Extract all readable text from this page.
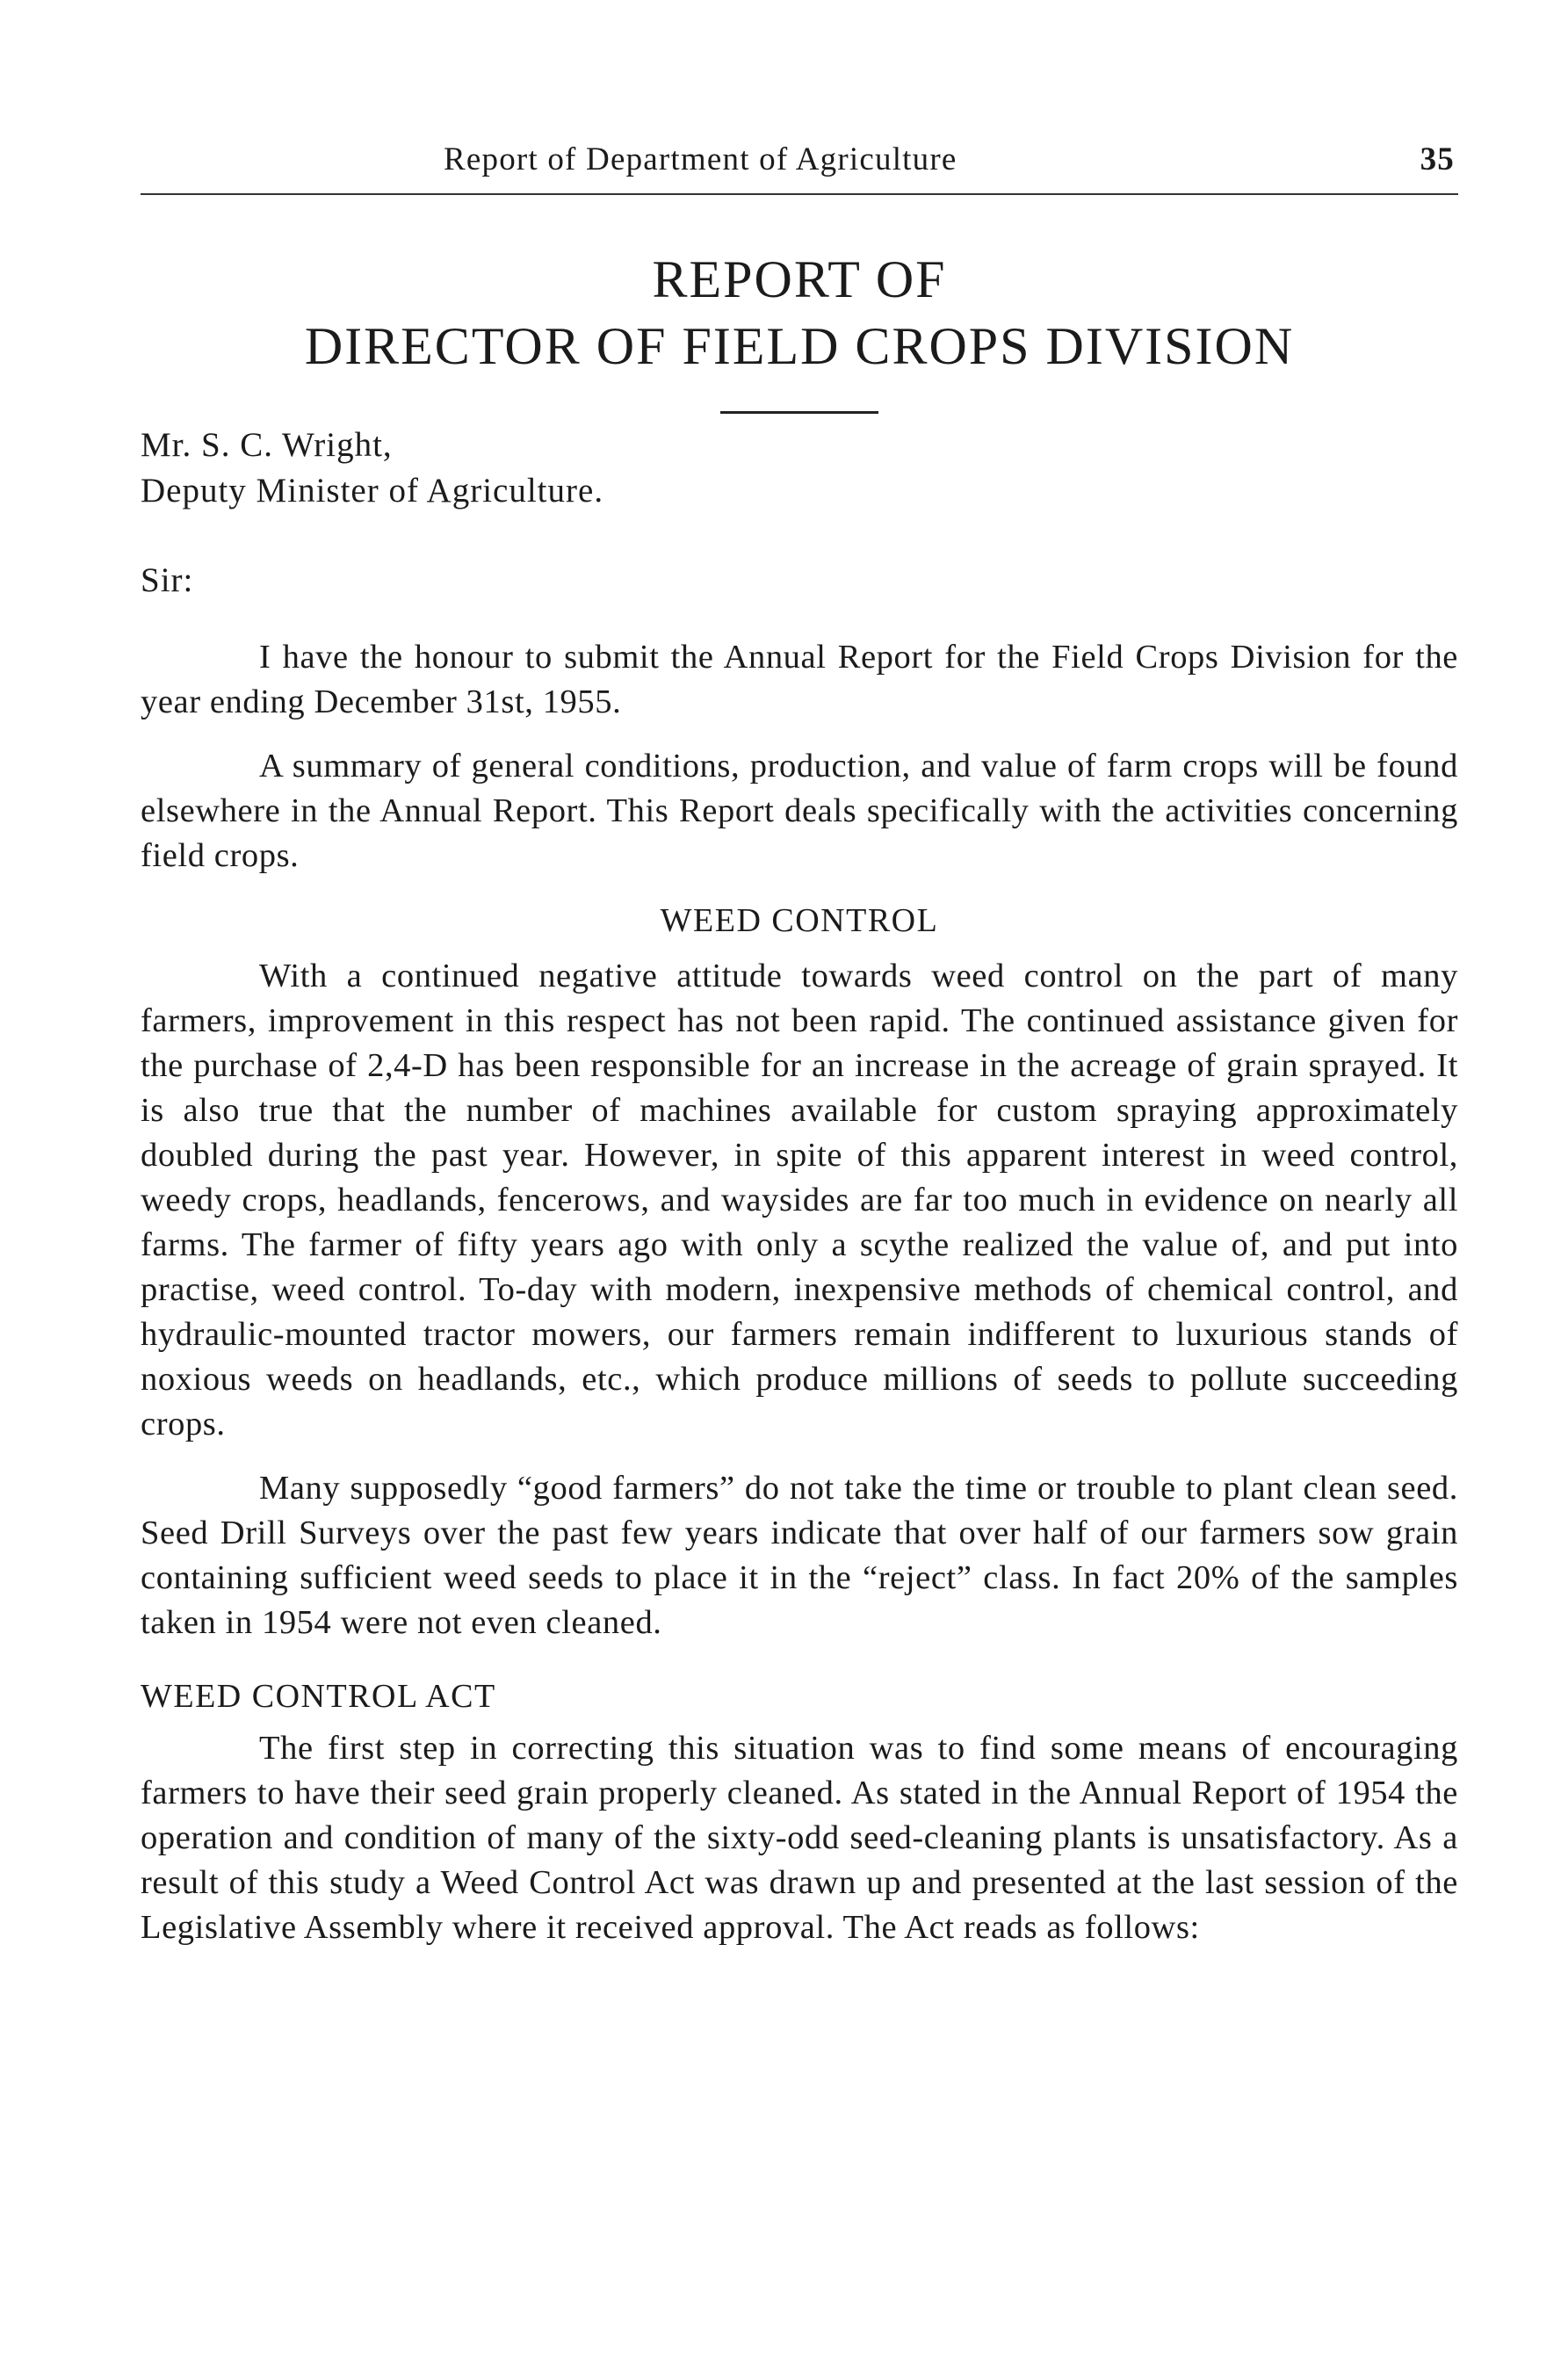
Report of Department of Agriculture	35
REPORT OF
DIRECTOR OF FIELD CROPS DIVISION
Mr. S. C. Wright,
Deputy Minister of Agriculture.
Sir:

I have the honour to submit the Annual Report for the Field Crops Division for the year ending December 31st, 1955.

A summary of general conditions, production, and value of farm crops will be found elsewhere in the Annual Report. This Report deals specifically with the activities concerning field crops.

WEED CONTROL

With a continued negative attitude towards weed control on the part of many farmers, improvement in this respect has not been rapid. The continued assistance given for the purchase of 2,4-D has been responsible for an increase in the acreage of grain sprayed. It is also true that the number of machines available for custom spraying approximately doubled during the past year. However, in spite of this apparent interest in weed control, weedy crops, headlands, fencerows, and waysides are far too much in evidence on nearly all farms. The farmer of fifty years ago with only a scythe realized the value of, and put into practise, weed control. To-day with modern, inexpensive methods of chemical control, and hydraulic-mounted tractor mowers, our farmers remain indifferent to luxurious stands of noxious weeds on headlands, etc., which produce millions of seeds to pollute succeeding crops.

Many supposedly “good farmers” do not take the time or trouble to plant clean seed. Seed Drill Surveys over the past few years indicate that over half of our farmers sow grain containing sufficient weed seeds to place it in the “reject” class. In fact 20% of the samples taken in 1954 were not even cleaned.

WEED CONTROL ACT

The first step in correcting this situation was to find some means of encouraging farmers to have their seed grain properly cleaned. As stated in the Annual Report of 1954 the operation and condition of many of the sixty-odd seed-cleaning plants is unsatisfactory. As a result of this study a Weed Control Act was drawn up and presented at the last session of the Legislative Assembly where it received approval. The Act reads as follows:
